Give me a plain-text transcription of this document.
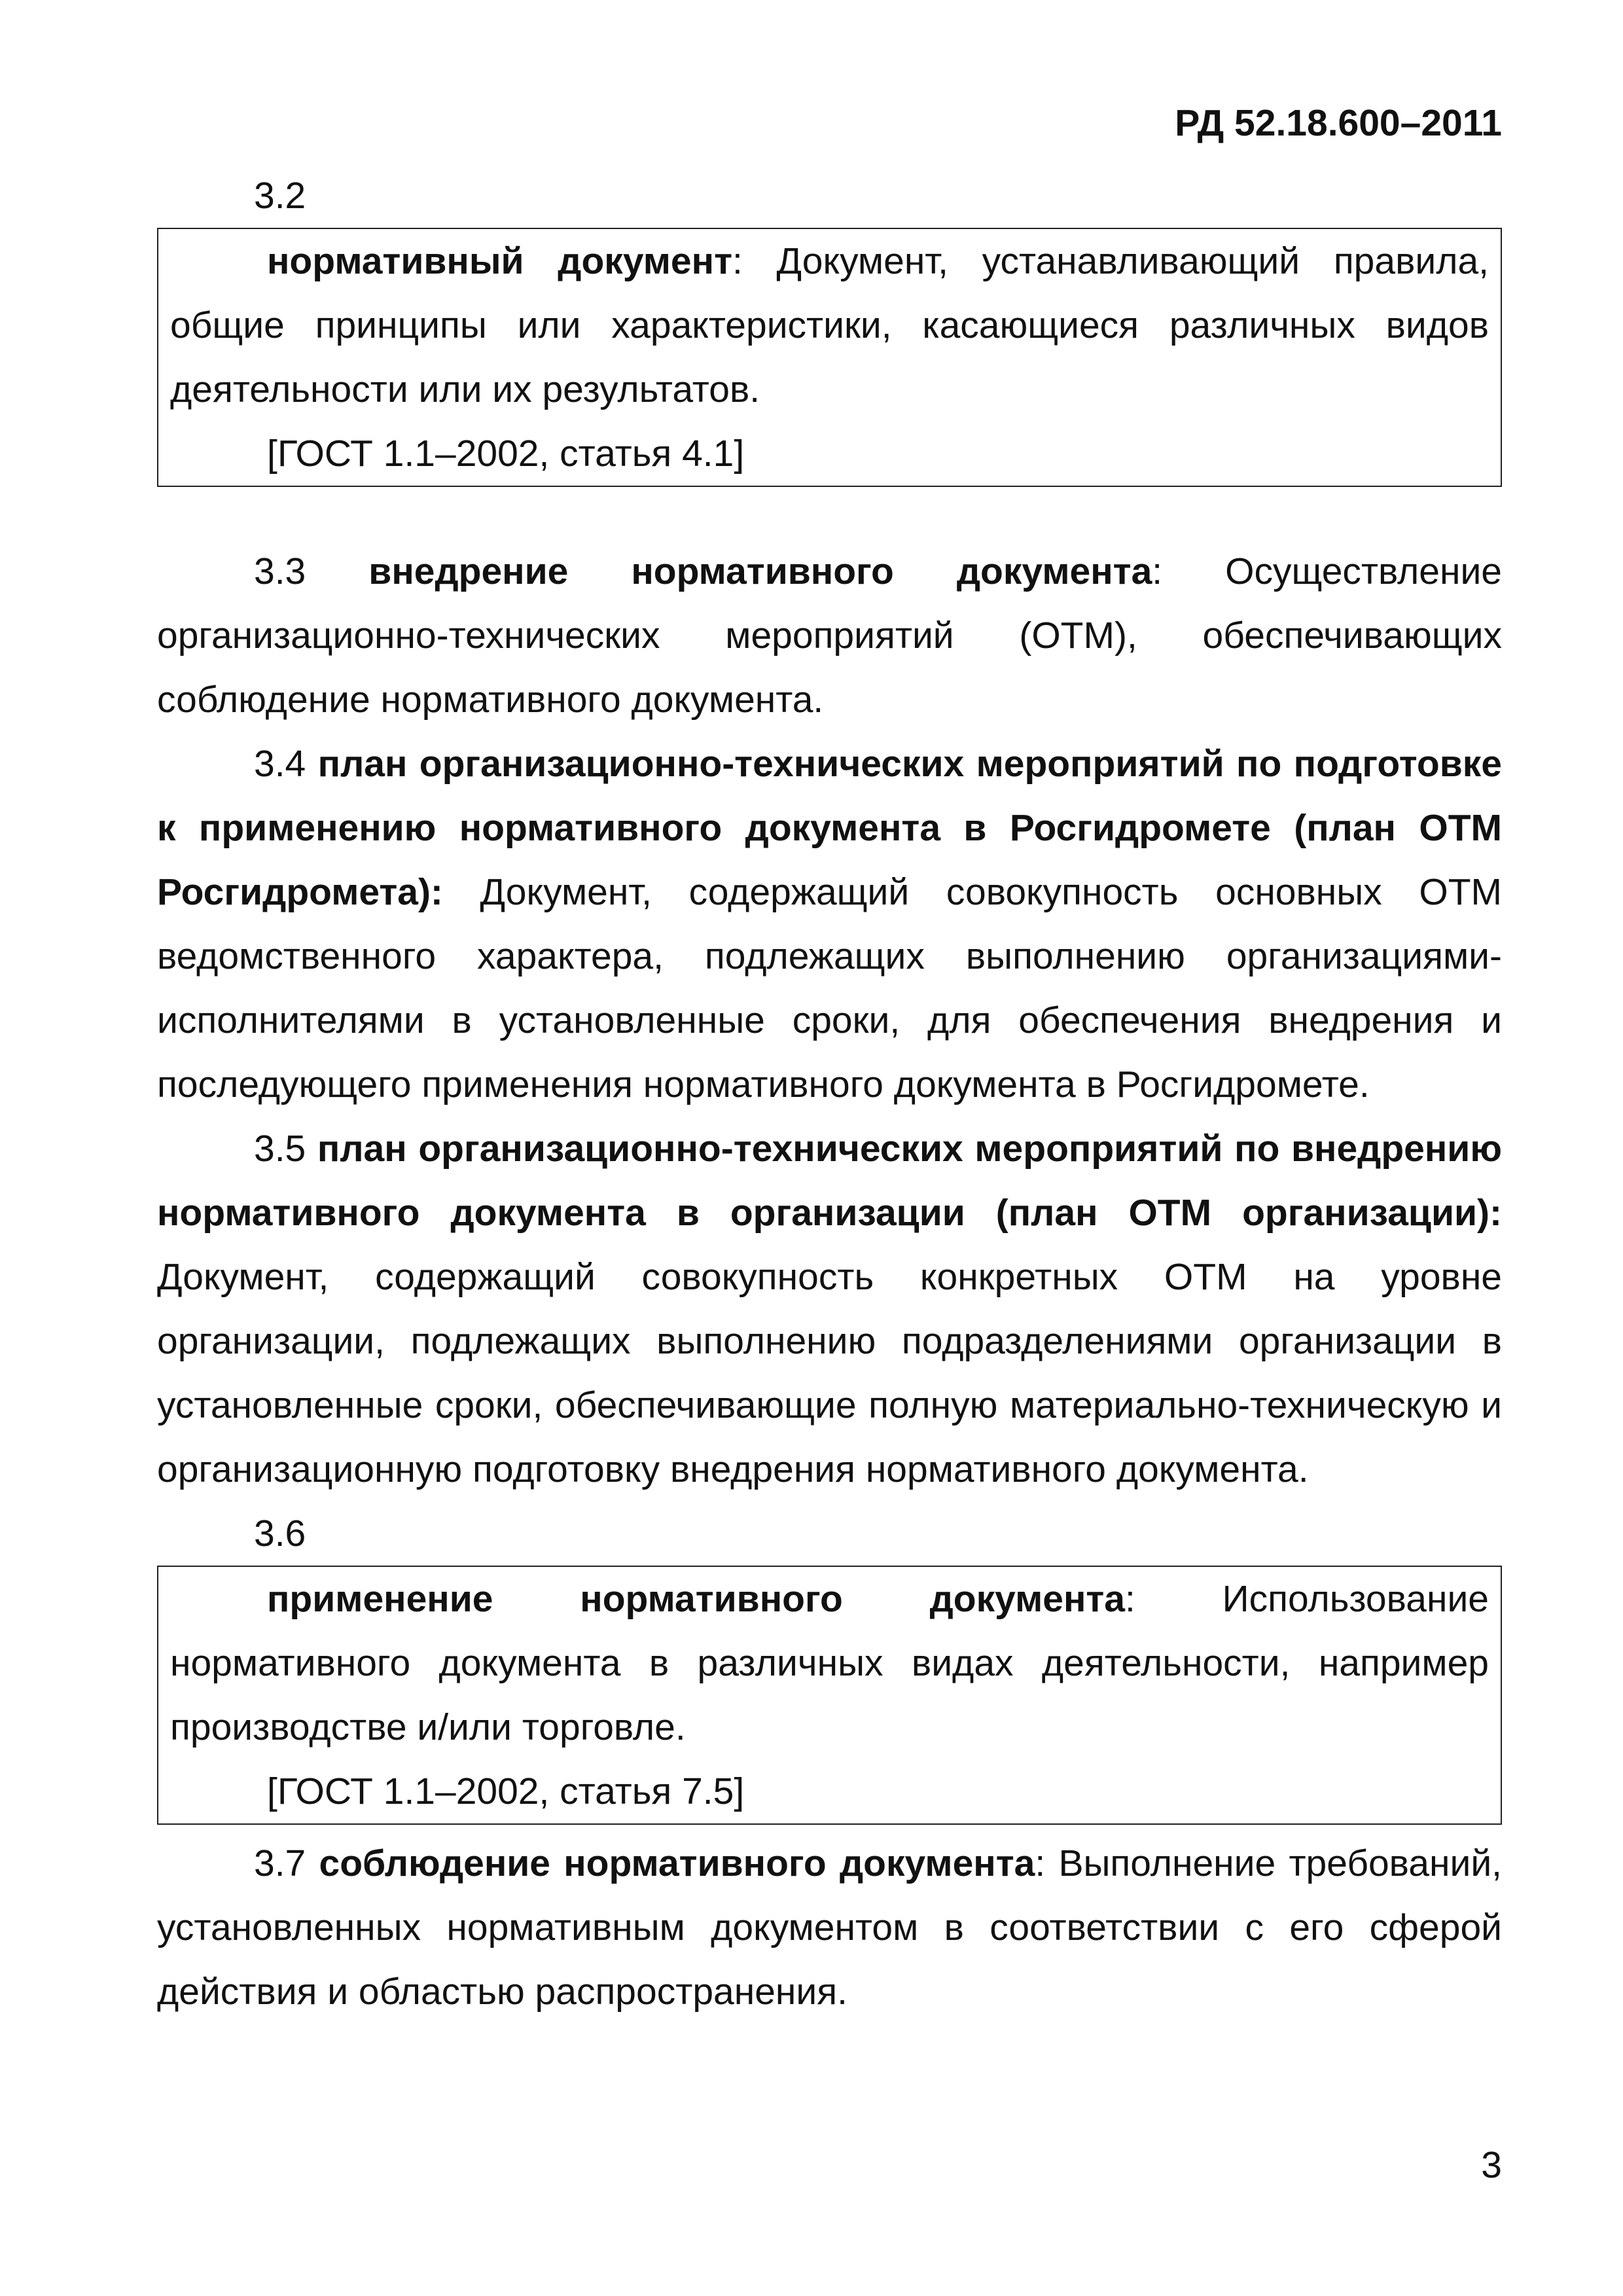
РД 52.18.600–2011
3.2

нормативный документ: Документ, устанавливающий правила, общие принципы или характеристики, касающиеся различных видов деятельности или их результатов.

[ГОСТ 1.1–2002, статья 4.1]

3.3 внедрение нормативного документа: Осуществление организационно-технических мероприятий (ОТМ), обеспечивающих соблюдение нормативного документа.

3.4 план организационно-технических мероприятий по подготовке к применению нормативного документа в Росгидромете (план ОТМ Росгидромета): Документ, содержащий совокупность основных ОТМ ведомственного характера, подлежащих выполнению организациями-исполнителями в установленные сроки, для обеспечения внедрения и последующего применения нормативного документа в Росгидромете.

3.5 план организационно-технических мероприятий по внедрению нормативного документа в организации (план ОТМ организации): Документ, содержащий совокупность конкретных ОТМ на уровне организации, подлежащих выполнению подразделениями организации в установленные сроки, обеспечивающие полную материально-техническую и организационную подготовку внедрения нормативного документа.

3.6

применение нормативного документа: Использование нормативного документа в различных видах деятельности, например производстве и/или торговле.

[ГОСТ 1.1–2002, статья 7.5]

3.7 соблюдение нормативного документа: Выполнение требований, установленных нормативным документом в соответствии с его сферой действия и областью распространения.

3
